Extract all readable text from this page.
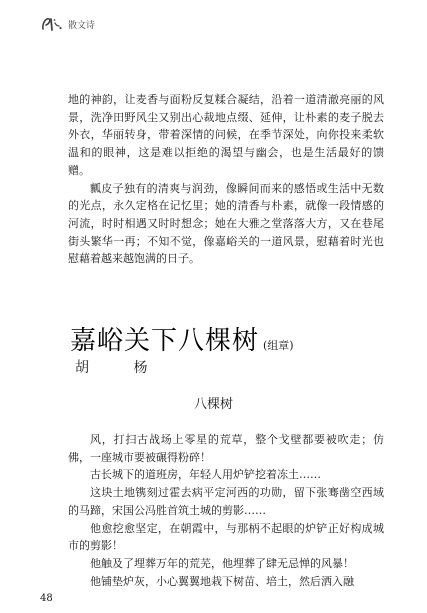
散文诗

地的神韵，让麦香与面粉反复糅合凝结，沿着一道清澈亮丽的风景，洗净田野风尘又别出心裁地点缀、延伸，让朴素的麦子脱去外衣，华丽转身，带着深情的问候，在季节深处，向你投来柔软温和的眼神，这是难以拒绝的渴望与幽会，也是生活最好的馈赠。

瓤皮子独有的清爽与润劲，像瞬间而来的感悟或生活中无数的光点，永久定格在记忆里；她的清香与朴素，就像一段情感的河流，时时相遇又时时想念；她在大雅之堂落落大方，又在巷尾街头繁华一再；不知不觉，像嘉峪关的一道风景，慰藉着时光也慰藉着越来越饱满的日子。

嘉峪关下八棵树 (组章)
胡 杨
八棵树

风，打扫古战场上零星的荒草，整个戈壁都要被吹走；仿佛，一座城市要被碾得粉碎！

古长城下的道班房，年轻人用炉铲挖着冻土……

这块土地镌刻过霍去病平定河西的功勋，留下张骞凿空西域的马蹄，宋国公冯胜首筑土城的剪影……

他愈挖愈坚定，在朝霞中，与那柄不起眼的炉铲正好构成城市的剪影！

他触及了埋葬万年的荒芜，他埋葬了肆无忌惮的风暴！

他铺垫炉灰，小心翼翼地栽下树苗、培土，然后洒入融

48
